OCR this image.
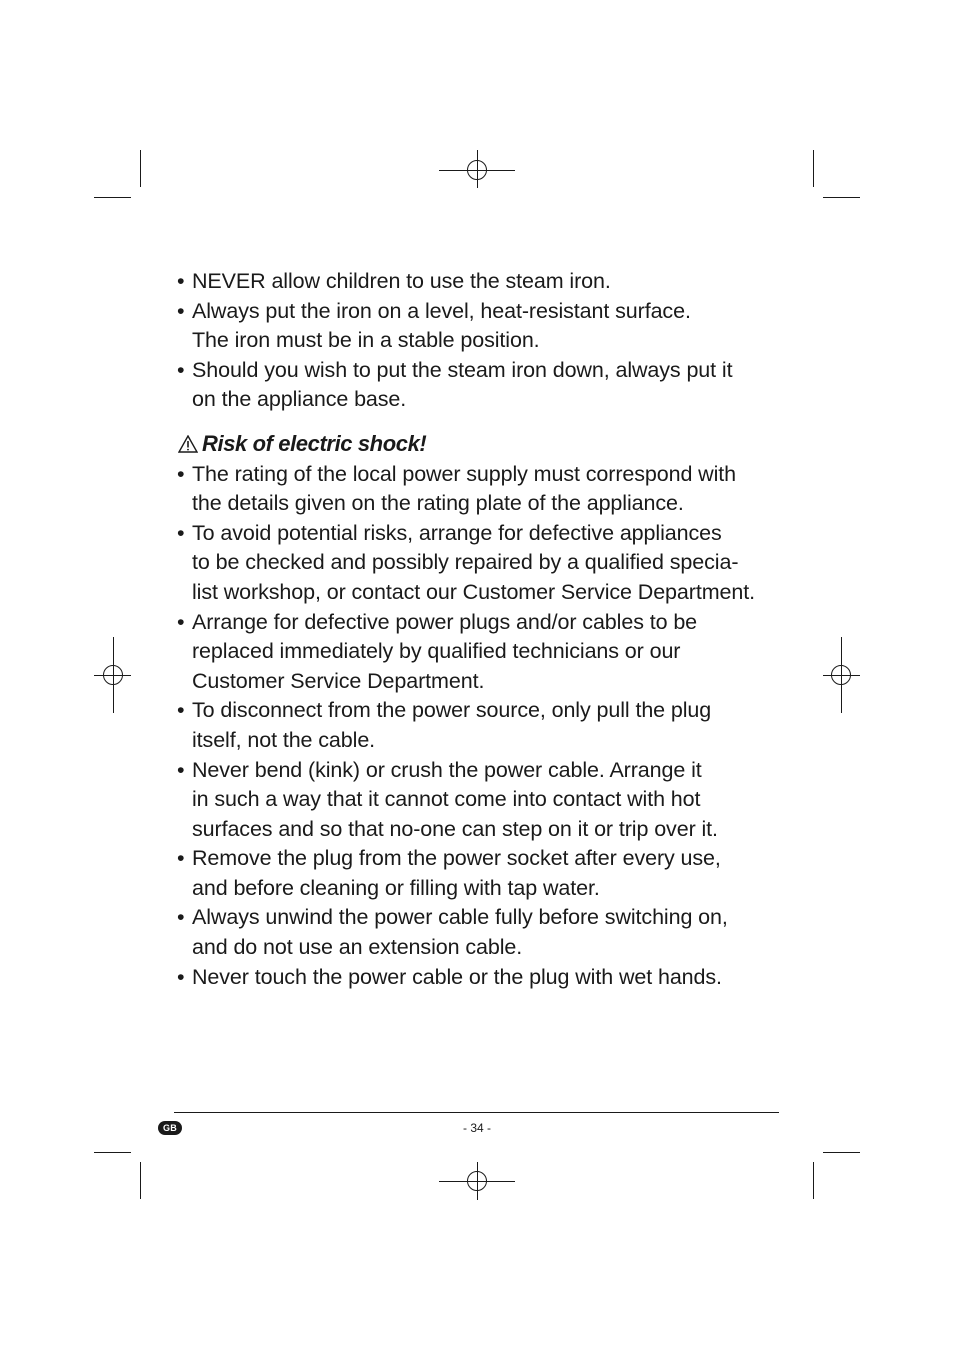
• NEVER allow children to use the steam iron.
• Always put the iron on a level, heat-resistant surface.
The iron must be in a stable position.
• Should you wish to put the steam iron down, always put it
on the appliance base.
Risk of electric shock!
• The rating of the local power supply must correspond with
the details given on the rating plate of the appliance.
• To avoid potential risks, arrange for defective appliances
to be checked and possibly repaired by a qualified specia-
list workshop, or contact our Customer Service Department.
• Arrange for defective power plugs and/or cables to be
replaced immediately by qualified technicians or our
Customer Service Department.
• To disconnect from the power source, only pull the plug
itself, not the cable.
• Never bend (kink) or crush the power cable. Arrange it
in such a way that it cannot come into contact with hot
surfaces and so that no-one can step on it or trip over it.
• Remove the plug from the power socket after every use,
and before cleaning or filling with tap water.
• Always unwind the power cable fully before switching on,
and do not use an extension cable.
• Never touch the power cable or the plug with wet hands.
GB	- 34 -
